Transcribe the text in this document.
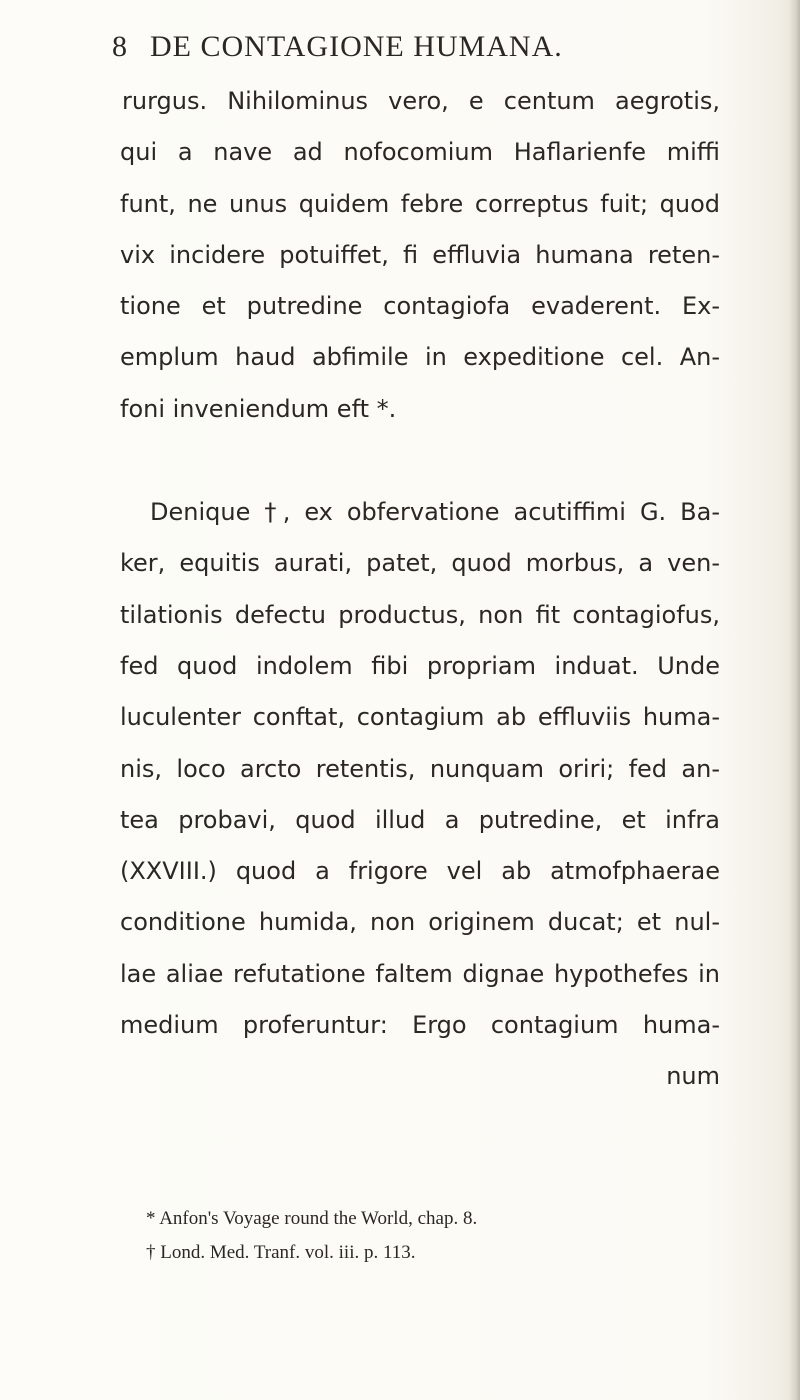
8 DE CONTAGIONE HUMANA.
rurgus. Nihilominus vero, e centum aegrotis,
qui a nave ad nofocomium Haflarienfe miffi
funt, ne unus quidem febre correptus fuit; quod
vix incidere potuiffet, fi effluvia humana reten-
tione et putredine contagiofa evaderent. Ex-
emplum haud abfimile in expeditione cel. An-
foni inveniendum eft *.
Denique †, ex obfervatione acutiffimi G. Ba-
ker, equitis aurati, patet, quod morbus, a ven-
tilationis defectu productus, non fit contagiofus,
fed quod indolem fibi propriam induat. Unde
luculenter conftat, contagium ab effluviis huma-
nis, loco arcto retentis, nunquam oriri; fed an-
tea probavi, quod illud a putredine, et infra
(XXVIII.) quod a frigore vel ab atmofphaerae
conditione humida, non originem ducat; et nul-
lae aliae refutatione faltem dignae hypothefes in
medium proferuntur: Ergo contagium huma-
num
* Anfon's Voyage round the World, chap. 8.
† Lond. Med. Tranf. vol. iii. p. 113.
